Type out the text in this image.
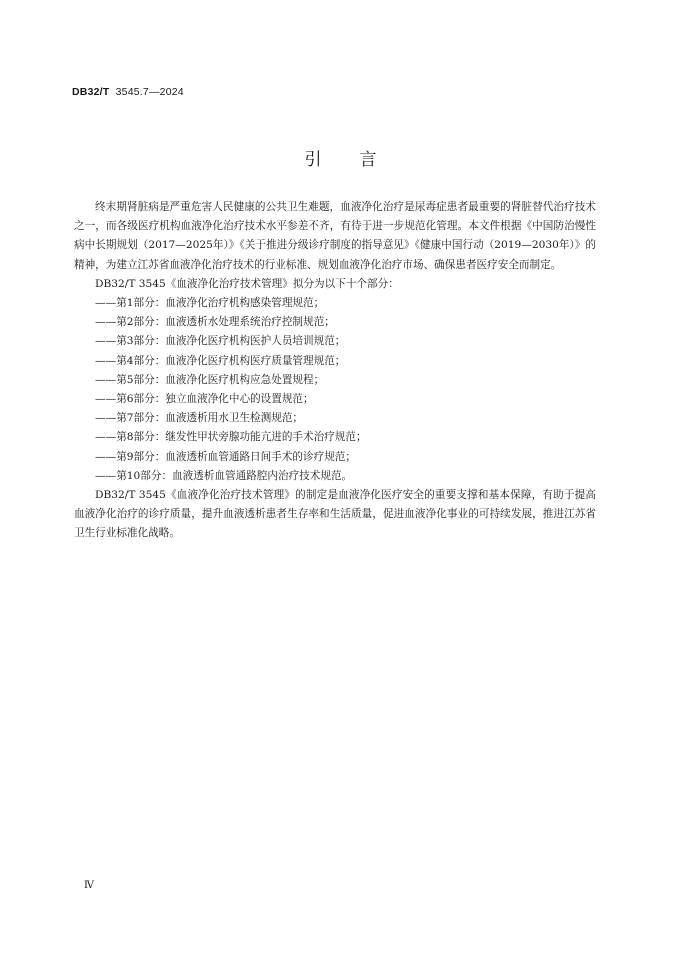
DB32/T 3545.7—2024
引言

终末期肾脏病是严重危害人民健康的公共卫生难题，血液净化治疗是尿毒症患者最重要的肾脏替代治疗技术之一，而各级医疗机构血液净化治疗技术水平参差不齐，有待于进一步规范化管理。本文件根据《中国防治慢性病中长期规划（2017—2025年）》《关于推进分级诊疗制度的指导意见》《健康中国行动（2019—2030年）》的精神，为建立江苏省血液净化治疗技术的行业标准、规划血液净化治疗市场、确保患者医疗安全而制定。

DB32/T 3545《血液净化治疗技术管理》拟分为以下十个部分：

——第1部分：血液净化治疗机构感染管理规范；

——第2部分：血液透析水处理系统治疗控制规范；

——第3部分：血液净化医疗机构医护人员培训规范；

——第4部分：血液净化医疗机构医疗质量管理规范；

——第5部分：血液净化医疗机构应急处置规程；

——第6部分：独立血液净化中心的设置规范；

——第7部分：血液透析用水卫生检测规范；

——第8部分：继发性甲状旁腺功能亢进的手术治疗规范；

——第9部分：血液透析血管通路日间手术的诊疗规范；

——第10部分：血液透析血管通路腔内治疗技术规范。

DB32/T 3545《血液净化治疗技术管理》的制定是血液净化医疗安全的重要支撑和基本保障，有助于提高血液净化治疗的诊疗质量，提升血液透析患者生存率和生活质量，促进血液净化事业的可持续发展，推进江苏省卫生行业标准化战略。

Ⅳ
